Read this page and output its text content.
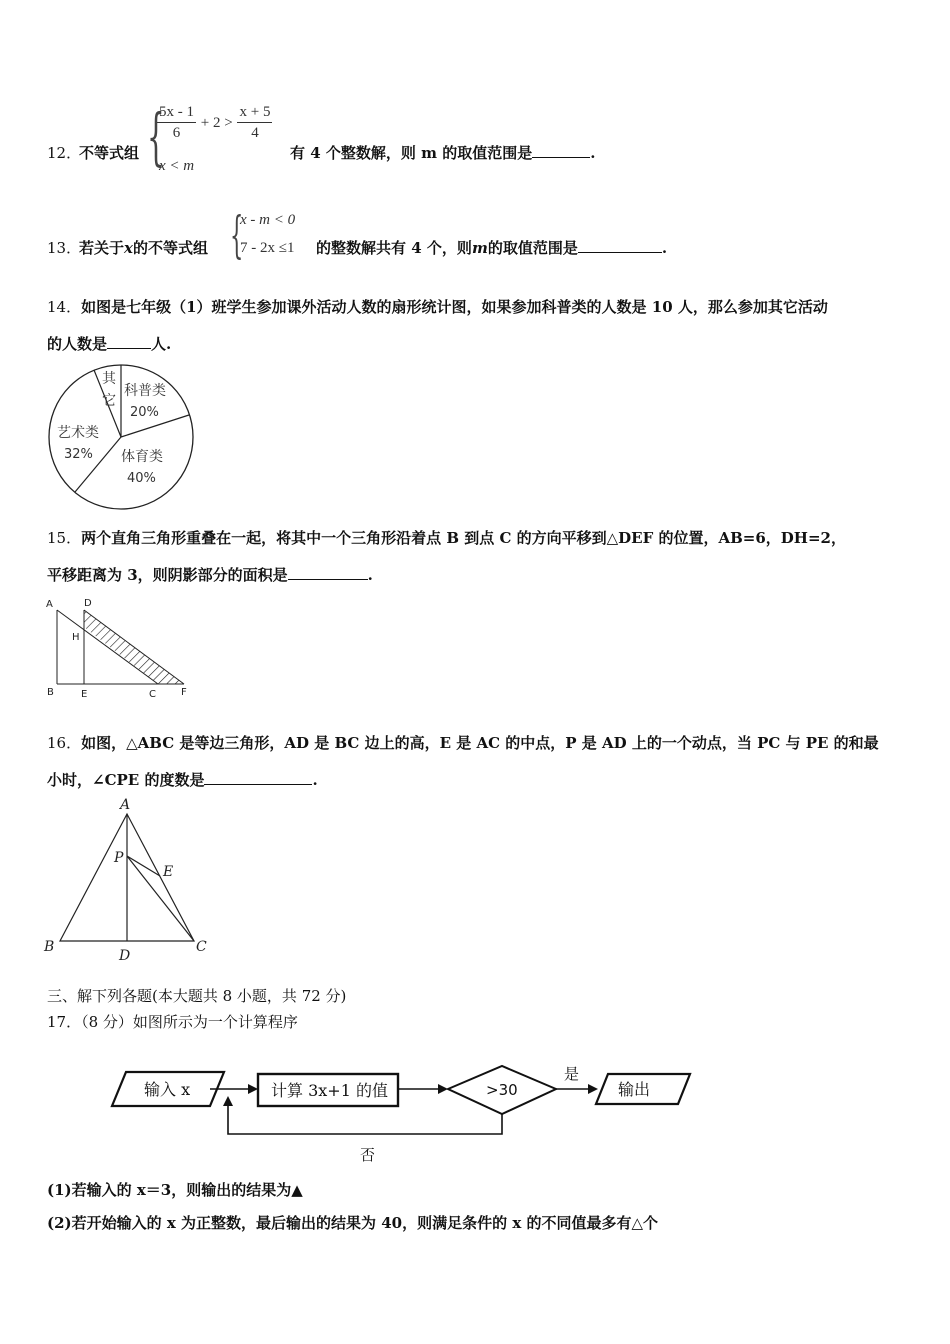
12．
不等式组 {
$\frac{5x - 1}{6} + 2 > \frac{x + 5}{4}$
x < m
有 4 个整数解，则 m 的取值范围是	.
13．
若关于x的不等式组 {
x - m < 0
7 - 2x ≤1 的整数解共有 4 个，则m的取值范围是	.
14．如图是七年级（1）班学生参加课外活动人数的扇形统计图，如果参加科普类的人数是 10 人，那么参加其它活动
的人数是	人.
其
它
科普类
20%
艺术类
32% 体育类
40%
15．两个直角三角形重叠在一起，将其中一个三角形沿着点 B 到点 C 的方向平移到△DEF 的位置，AB=6，DH=2，
平移距离为 3，则阴影部分的面积是	.
A	D
H
B	E	C	F
16．如图，△ABC 是等边三角形，AD 是 BC 边上的高，E 是 AC 的中点，P 是 AD 上的一个动点，当 PC 与 PE 的和最
小时，∠CPE 的度数是	.
A
P
E
B
D
C
三、解下列各题(本大题共 8 小题，共 72 分)
17．（8 分）如图所示为一个计算程序
输入 x	计算 3x+1 的值	>30
是
输出
否
(1)若输入的 x＝3，则输出的结果为▲
(2)若开始输入的 x 为正整数，最后输出的结果为 40，则满足条件的 x 的不同值最多有△个
